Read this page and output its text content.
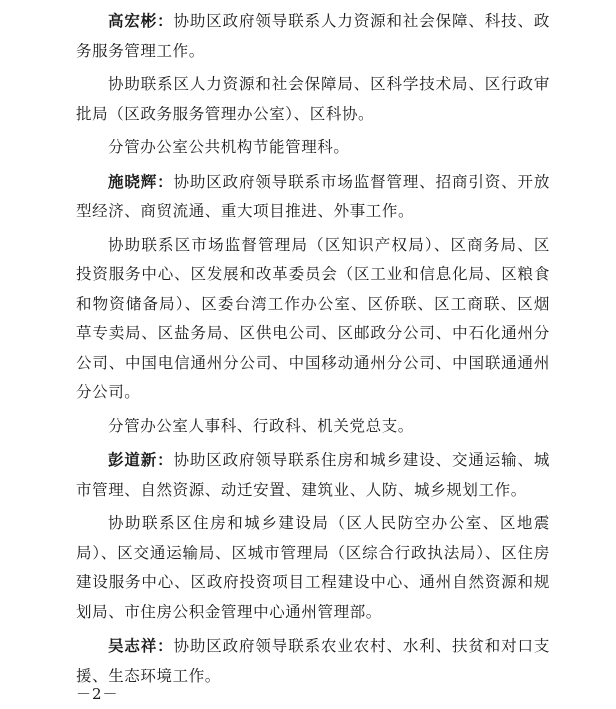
高宏彬：协助区政府领导联系人力资源和社会保障、科技、政务服务管理工作。

协助联系区人力资源和社会保障局、区科学技术局、区行政审批局（区政务服务管理办公室）、区科协。

分管办公室公共机构节能管理科。

施晓辉：协助区政府领导联系市场监督管理、招商引资、开放型经济、商贸流通、重大项目推进、外事工作。

协助联系区市场监督管理局（区知识产权局）、区商务局、区投资服务中心、区发展和改革委员会（区工业和信息化局、区粮食和物资储备局）、区委台湾工作办公室、区侨联、区工商联、区烟草专卖局、区盐务局、区供电公司、区邮政分公司、中石化通州分公司、中国电信通州分公司、中国移动通州分公司、中国联通通州分公司。

分管办公室人事科、行政科、机关党总支。

彭道新：协助区政府领导联系住房和城乡建设、交通运输、城市管理、自然资源、动迁安置、建筑业、人防、城乡规划工作。

协助联系区住房和城乡建设局（区人民防空办公室、区地震局）、区交通运输局、区城市管理局（区综合行政执法局）、区住房建设服务中心、区政府投资项目工程建设中心、通州自然资源和规划局、市住房公积金管理中心通州管理部。

吴志祥：协助区政府领导联系农业农村、水利、扶贫和对口支援、生态环境工作。

－2－
